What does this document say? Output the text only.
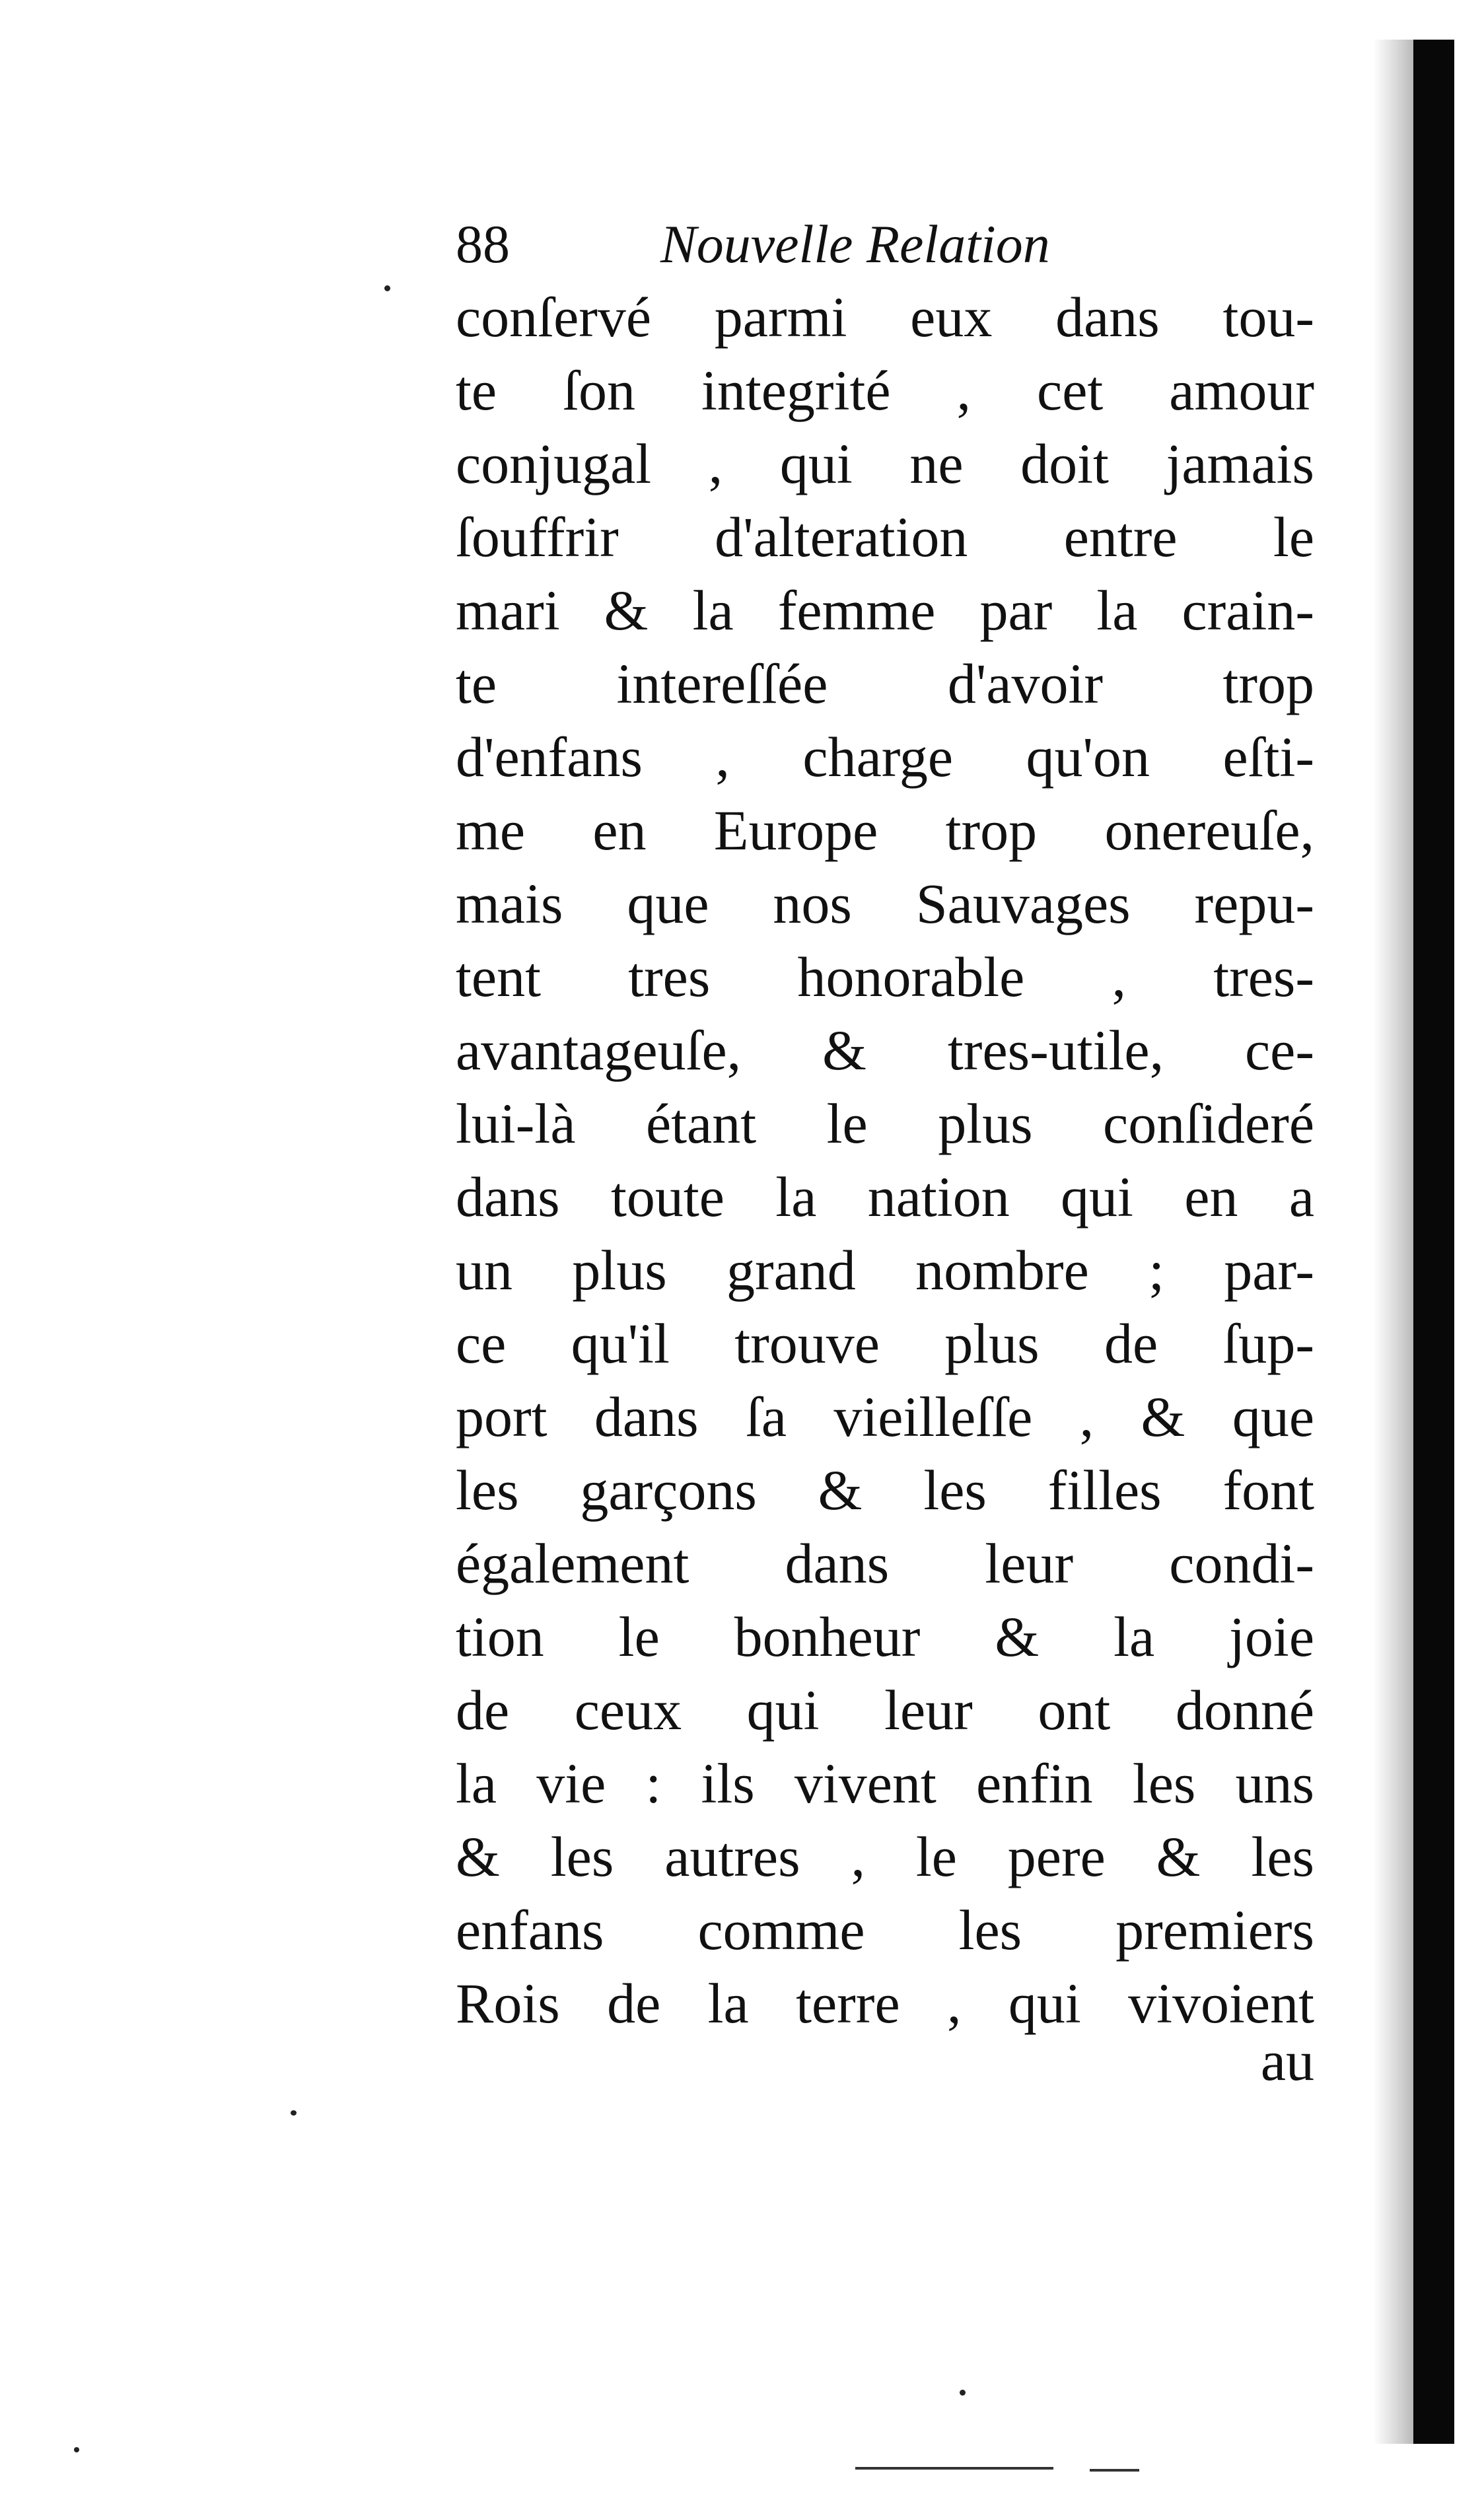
88	Nouvelle Relation
conſervé parmi eux dans tou-
te ſon integrité , cet amour
conjugal , qui ne doit jamais
ſouffrir d'alteration entre le
mari & la femme par la crain-
te intereſſée d'avoir trop
d'enfans , charge qu'on eſti-
me en Europe trop onereuſe,
mais que nos Sauvages repu-
tent tres honorable , tres-
avantageuſe, & tres-utile, ce-
lui-là étant le plus conſideré
dans toute la nation qui en a
un plus grand nombre ; par-
ce qu'il trouve plus de ſup-
port dans ſa vieilleſſe , & que
les garçons & les filles font
également dans leur condi-
tion le bonheur & la joie
de ceux qui leur ont donné
la vie : ils vivent enfin les uns
& les autres , le pere & les
enfans comme les premiers
Rois de la terre , qui vivoient
au
